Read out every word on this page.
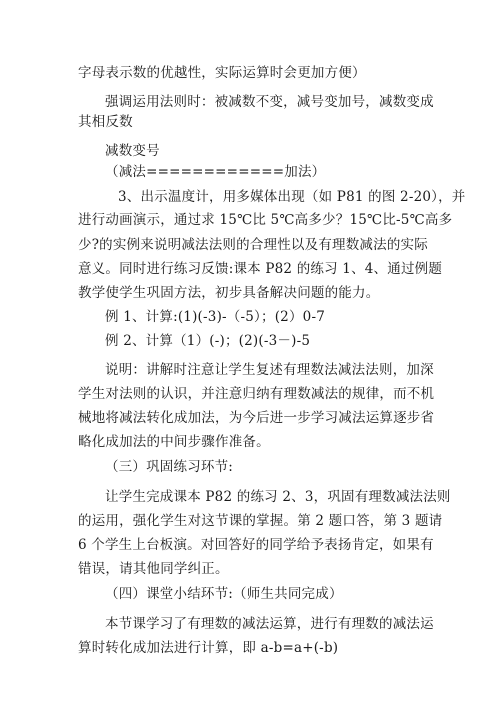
字母表示数的优越性，实际运算时会更加方便）
强调运用法则时：被减数不变，减号变加号，减数变成
其相反数
减数变号
（减法============加法）
3、出示温度计，用多媒体出现（如 P81 的图 2-20），并
进行动画演示，通过求 15℃比 5℃高多少？15℃比-5℃高多
少?的实例来说明减法法则的合理性以及有理数减法的实际
意义。同时进行练习反馈:课本 P82 的练习 1、4、通过例题
教学使学生巩固方法，初步具备解决问题的能力。
例 1、计算:(1)(-3)-（-5）；(2）0-7
例 2、计算（1）(-)；(2)(-3－)-5
说明：讲解时注意让学生复述有理数法减法法则，加深
学生对法则的认识，并注意归纳有理数减法的规律，而不机
械地将减法转化成加法，为今后进一步学习减法运算逐步省
略化成加法的中间步骤作准备。
（三）巩固练习环节:
让学生完成课本 P82 的练习 2、3，巩固有理数减法法则
的运用，强化学生对这节课的掌握。第 2 题口答，第 3 题请
6 个学生上台板演。对回答好的同学给予表扬肯定，如果有
错误，请其他同学纠正。
（四）课堂小结环节:（师生共同完成）
本节课学习了有理数的减法运算，进行有理数的减法运
算时转化成加法进行计算，即 a-b=a+(-b)
